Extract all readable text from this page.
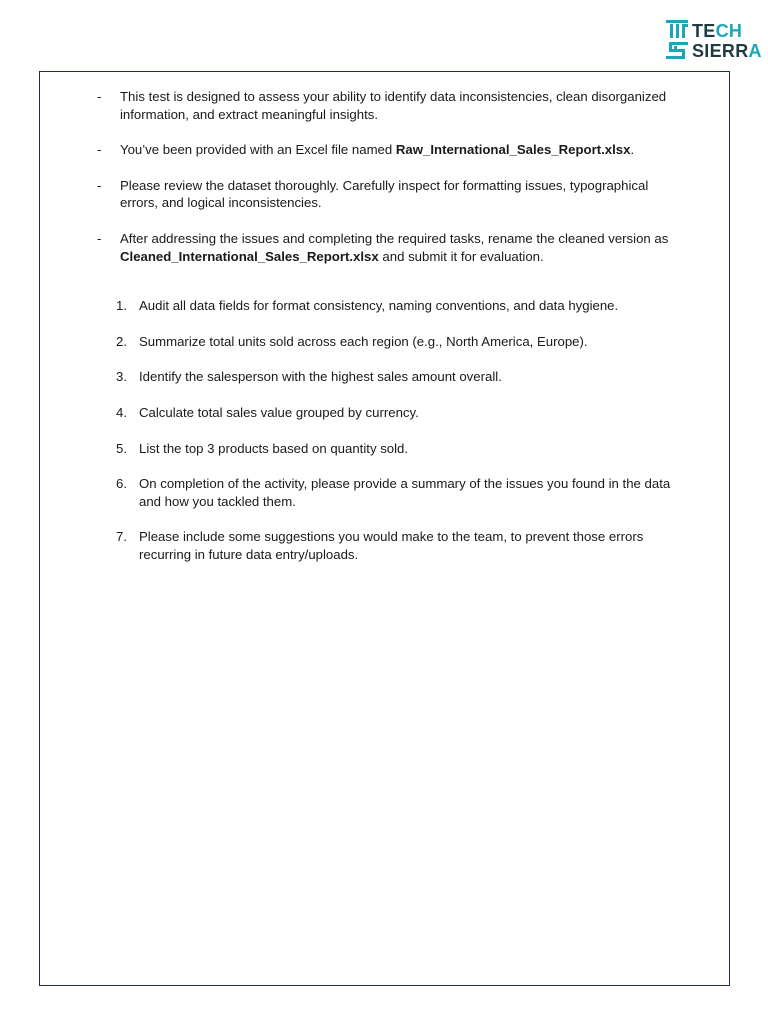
TECH
SIERRA
- This test is designed to assess your ability to identify data inconsistencies, clean disorganized information, and extract meaningful insights.
- You’ve been provided with an Excel file named Raw_International_Sales_Report.xlsx.
- Please review the dataset thoroughly. Carefully inspect for formatting issues, typographical errors, and logical inconsistencies.
- After addressing the issues and completing the required tasks, rename the cleaned version as Cleaned_International_Sales_Report.xlsx and submit it for evaluation.
1. Audit all data fields for format consistency, naming conventions, and data hygiene.
2. Summarize total units sold across each region (e.g., North America, Europe).
3. Identify the salesperson with the highest sales amount overall.
4. Calculate total sales value grouped by currency.
5. List the top 3 products based on quantity sold.
6. On completion of the activity, please provide a summary of the issues you found in the data and how you tackled them.
7. Please include some suggestions you would make to the team, to prevent those errors recurring in future data entry/uploads.
